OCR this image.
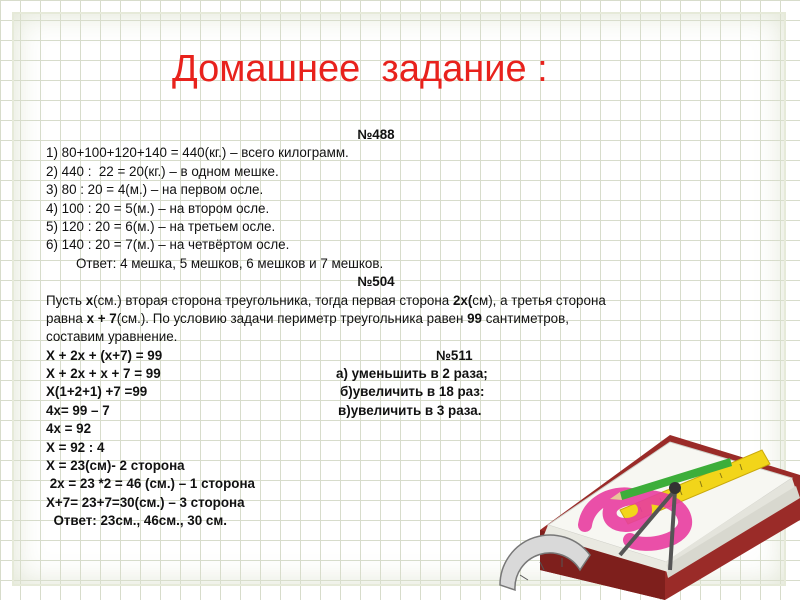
Домашнее  задание :
№488
1) 80+100+120+140 = 440(кг.) – всего килограмм.
2) 440 :  22 = 20(кг.) – в одном мешке.
3) 80 : 20 = 4(м.) – на первом осле.
4) 100 : 20 = 5(м.) – на втором осле.
5) 120 : 20 = 6(м.) – на третьем осле.
6) 140 : 20 = 7(м.) – на четвёртом осле.
Ответ: 4 мешка, 5 мешков, 6 мешков и 7 мешков.
№504
Пусть х(см.) вторая сторона треугольника, тогда первая сторона 2х(см), а третья сторона
равна х + 7(см.). По условию задачи периметр треугольника равен 99 сантиметров,
составим уравнение.
Х + 2х + (х+7) = 99	№511
Х + 2х + х + 7 = 99	а) уменьшить в 2 раза;
Х(1+2+1) +7 =99	б)увеличить в 18 раз:
4х= 99 – 7	в)увеличить в 3 раза.
4х = 92
Х = 92 : 4
Х = 23(см)- 2 сторона
2х = 23 *2 = 46 (см.) – 1 сторона
Х+7= 23+7=30(см.) – 3 сторона
Ответ: 23см., 46см., 30 см.
